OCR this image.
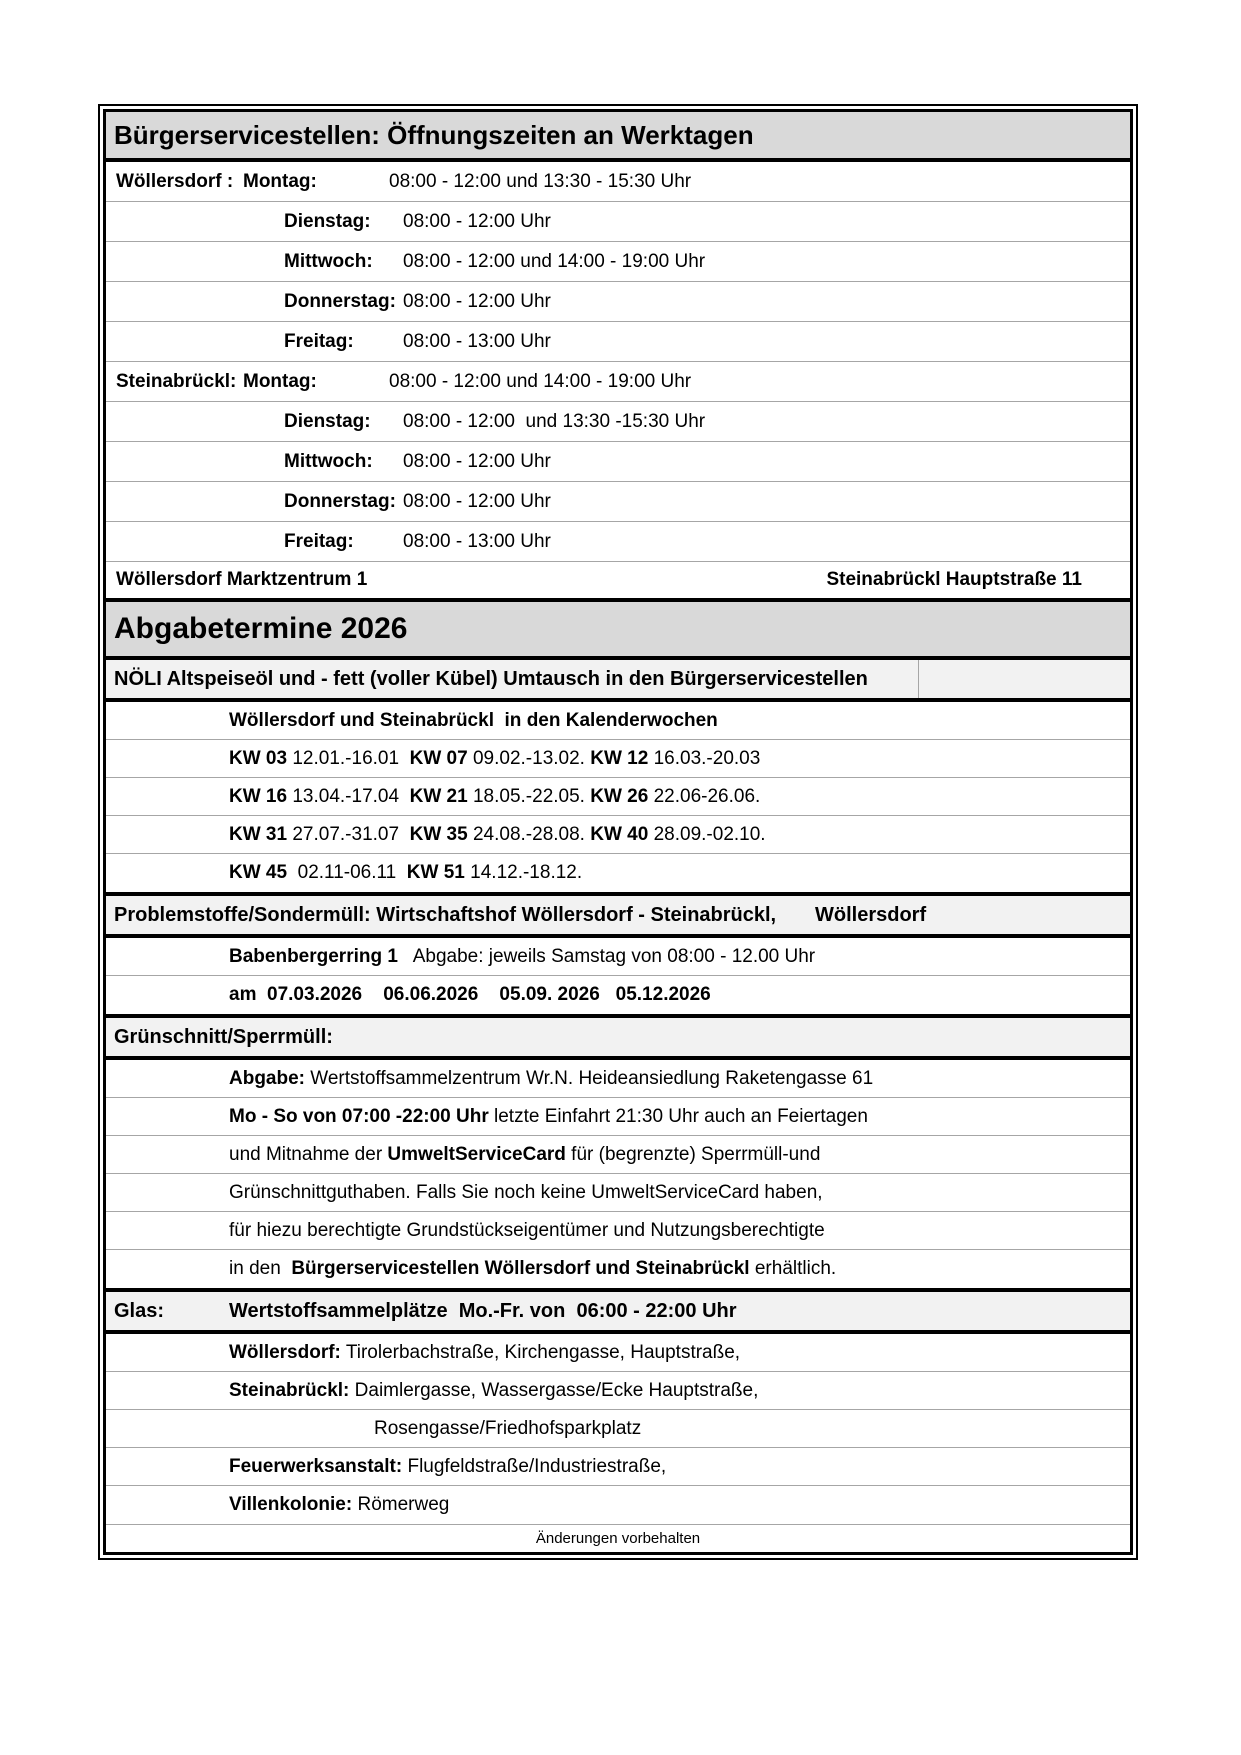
Bürgerservicestellen: Öffnungszeiten an Werktagen
Wöllersdorf : Montag:	08:00 - 12:00 und 13:30 - 15:30 Uhr
Dienstag: 08:00 - 12:00 Uhr
Mittwoch: 08:00 - 12:00 und 14:00 - 19:00 Uhr
Donnerstag: 08:00 - 12:00 Uhr
Freitag:	08:00 - 13:00 Uhr
Steinabrückl: Montag:	08:00 - 12:00 und 14:00 - 19:00 Uhr
Dienstag: 08:00 - 12:00  und 13:30 -15:30 Uhr
Mittwoch: 08:00 - 12:00 Uhr
Donnerstag: 08:00 - 12:00 Uhr
Freitag:	08:00 - 13:00 Uhr
Wöllersdorf Marktzentrum 1	Steinabrückl Hauptstraße 11
Abgabetermine 2026
NÖLI Altspeiseöl und - fett (voller Kübel) Umtausch in den Bürgerservicestellen
Wöllersdorf und Steinabrückl  in den Kalenderwochen
KW 03 12.01.-16.01  KW 07 09.02.-13.02. KW 12 16.03.-20.03
KW 16 13.04.-17.04  KW 21 18.05.-22.05. KW 26 22.06-26.06.
KW 31 27.07.-31.07  KW 35 24.08.-28.08. KW 40 28.09.-02.10.
KW 45  02.11-06.11  KW 51 14.12.-18.12.
Problemstoffe/Sondermüll: Wirtschaftshof Wöllersdorf - Steinabrückl,       Wöllersdorf
Babenbergerring 1   Abgabe: jeweils Samstag von 08:00 - 12.00 Uhr
am  07.03.2026    06.06.2026    05.09. 2026   05.12.2026
Grünschnitt/Sperrmüll:
Abgabe: Wertstoffsammelzentrum Wr.N. Heideansiedlung Raketengasse 61
Mo - So von 07:00 -22:00 Uhr letzte Einfahrt 21:30 Uhr auch an Feiertagen
und Mitnahme der UmweltServiceCard für (begrenzte) Sperrmüll-und
Grünschnittguthaben. Falls Sie noch keine UmweltServiceCard haben,
für hiezu berechtigte Grundstückseigentümer und Nutzungsberechtigte
in den  Bürgerservicestellen Wöllersdorf und Steinabrückl erhältlich.
Glas:	Wertstoffsammelplätze  Mo.-Fr. von  06:00 - 22:00 Uhr
Wöllersdorf: Tirolerbachstraße, Kirchengasse, Hauptstraße,
Steinabrückl: Daimlergasse, Wassergasse/Ecke Hauptstraße,
Rosengasse/Friedhofsparkplatz
Feuerwerksanstalt: Flugfeldstraße/Industriestraße,
Villenkolonie: Römerweg
Änderungen vorbehalten
